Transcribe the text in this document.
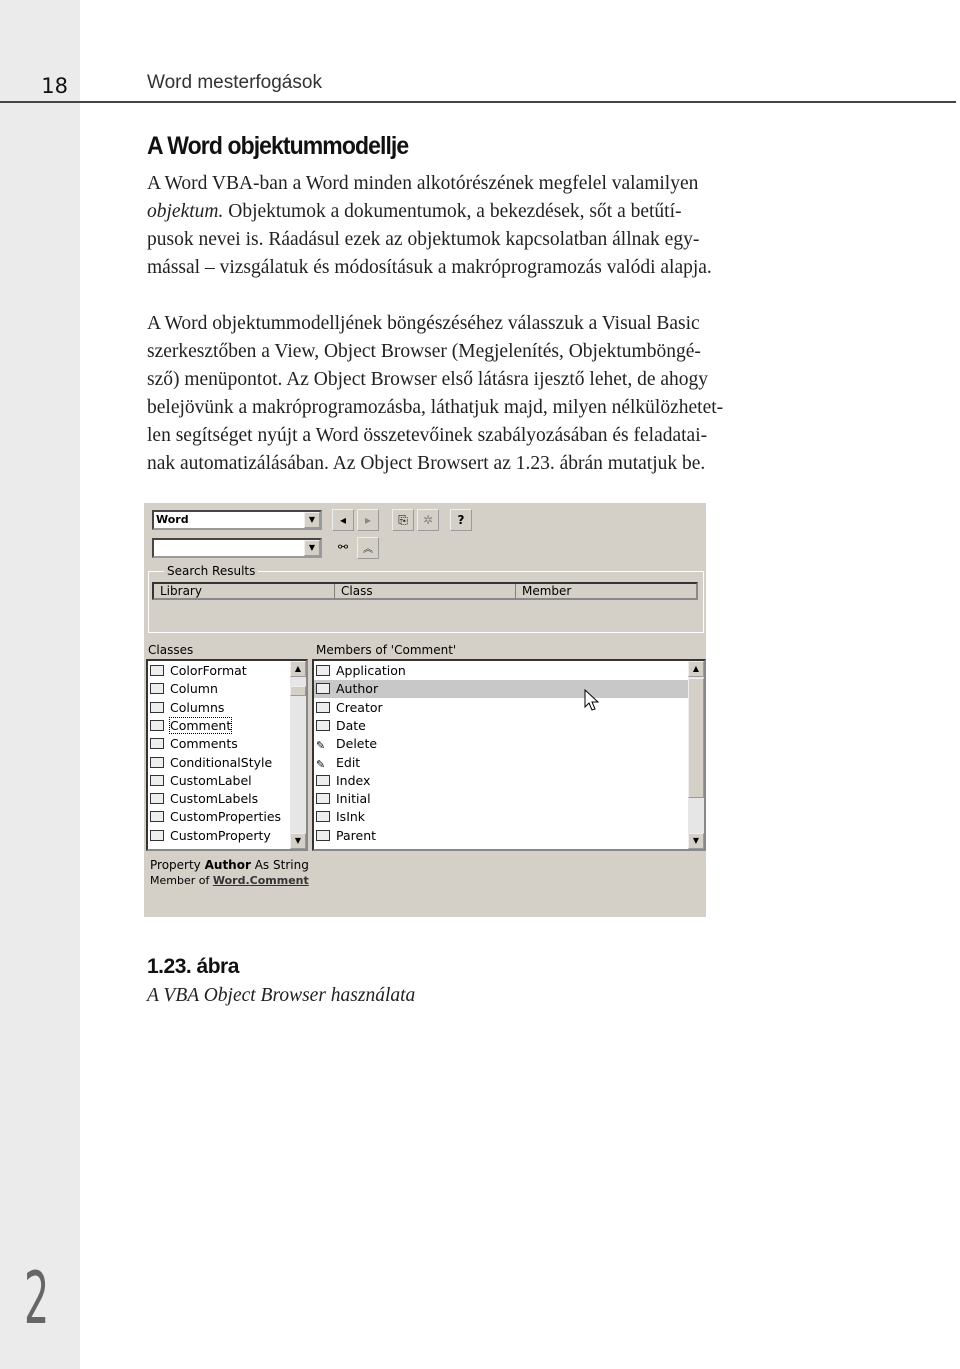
2
18	Word mesterfogások
A Word objektummodellje
A Word VBA-ban a Word minden alkotórészének megfelel valamilyen
objektum. Objektumok a dokumentumok, a bekezdések, sőt a betűtí-
pusok nevei is. Ráadásul ezek az objektumok kapcsolatban állnak egy-
mással – vizsgálatuk és módosításuk a makróprogramozás valódi alapja.
A Word objektummodelljének böngészéséhez válasszuk a Visual Basic
szerkesztőben a View, Object Browser (Megjelenítés, Objektumböngé-
sző) menüpontot. Az Object Browser első látásra ijesztő lehet, de ahogy
belejövünk a makróprogramozásba, láthatjuk majd, milyen nélkülözhetet-
len segítséget nyújt a Word összetevőinek szabályozásában és feladatai-
nak automatizálásában. Az Object Browsert az 1.23. ábrán mutatjuk be.
Word	▼	◂	▸	⎘	✲	?
▼	⚯	︽
Search Results
Library	Class	Member
Classes
ColorFormat
Column
Columns
Comment
Comments
ConditionalStyle
CustomLabel
CustomLabels
CustomProperties
CustomProperty
▲
▼
Members of 'Comment'
Application
Author
Creator
Date
✎ Delete
✎ Edit
Index
Initial
IsInk
Parent
▲
▼
Property Author As String
Member of Word.Comment
1.23. ábra
A VBA Object Browser használata
